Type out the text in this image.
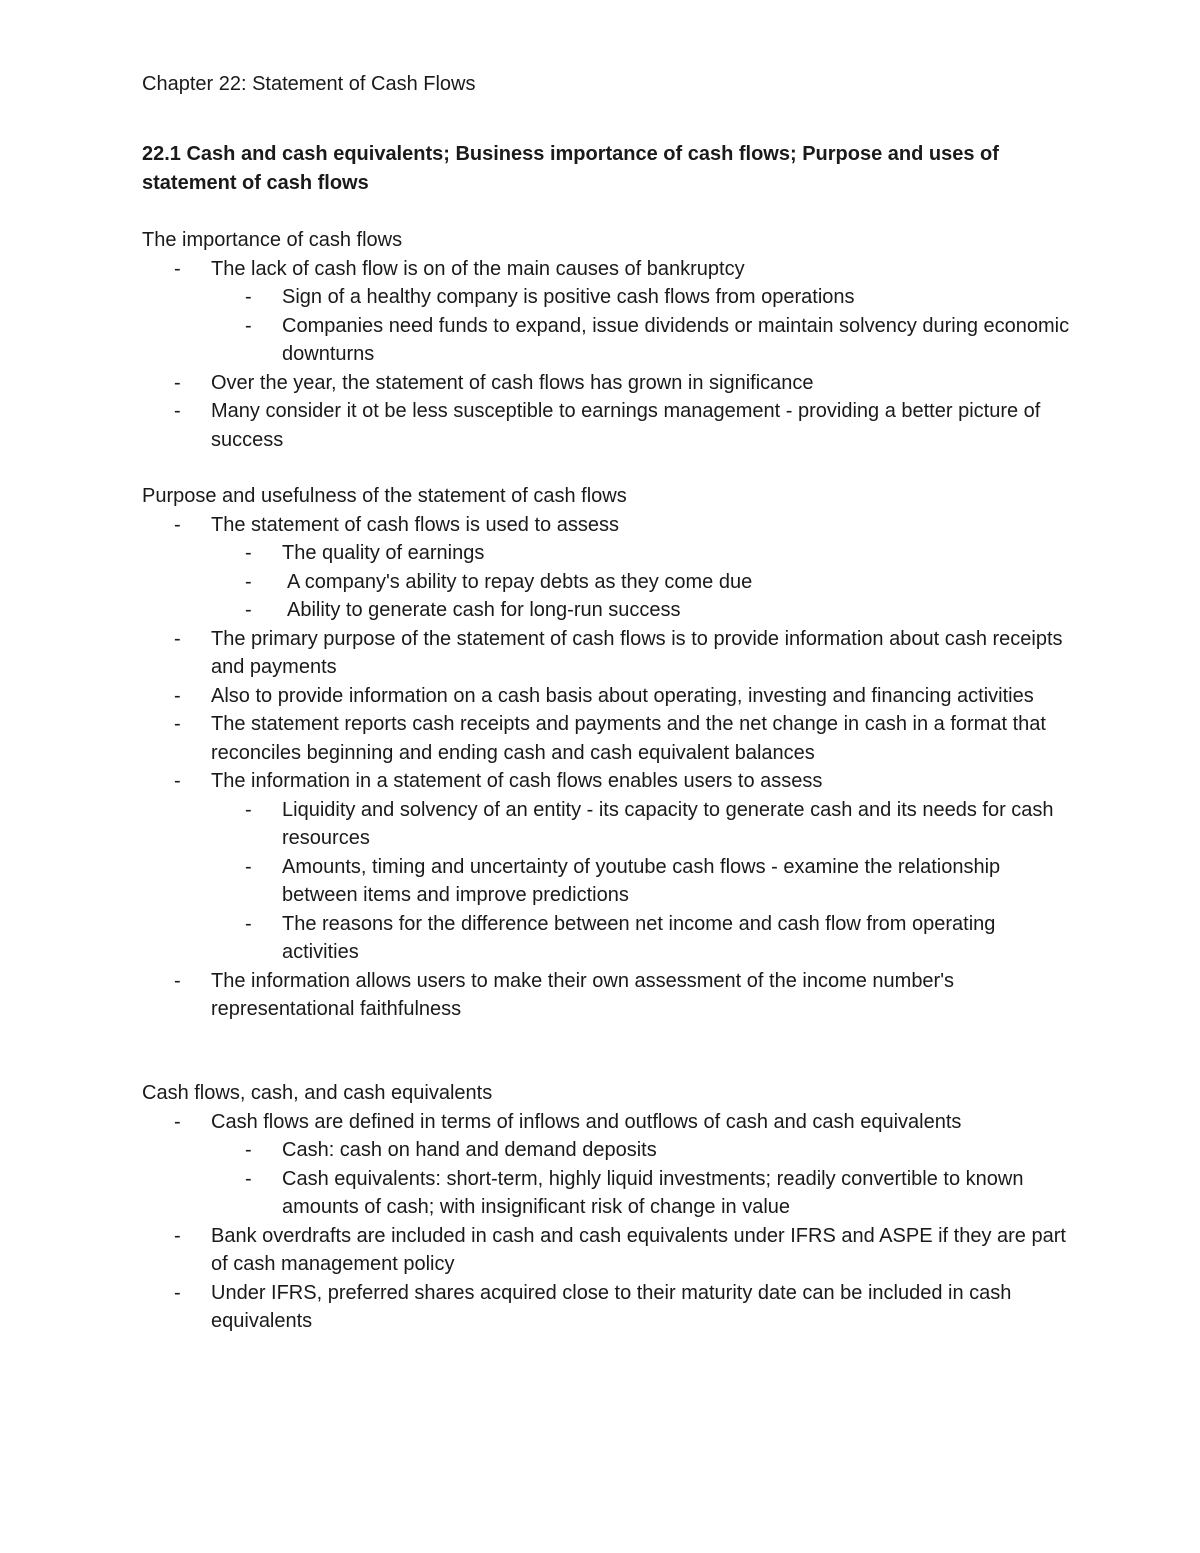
Chapter 22: Statement of Cash Flows
22.1 Cash and cash equivalents; Business importance of cash flows; Purpose and uses of statement of cash flows
The importance of cash flows
- The lack of cash flow is on of the main causes of bankruptcy
- Sign of a healthy company is positive cash flows from operations
- Companies need funds to expand, issue dividends or maintain solvency during economic downturns
- Over the year, the statement of cash flows has grown in significance
- Many consider it ot be less susceptible to earnings management - providing a better picture of success
Purpose and usefulness of the statement of cash flows
- The statement of cash flows is used to assess
- The quality of earnings
- A company's ability to repay debts as they come due
- Ability to generate cash for long-run success
- The primary purpose of the statement of cash flows is to provide information about cash receipts and payments
- Also to provide information on a cash basis about operating, investing and financing activities
- The statement reports cash receipts and payments and the net change in cash in a format that reconciles beginning and ending cash and cash equivalent balances
- The information in a statement of cash flows enables users to assess
- Liquidity and solvency of an entity - its capacity to generate cash and its needs for cash resources
- Amounts, timing and uncertainty of youtube cash flows - examine the relationship between items and improve predictions
- The reasons for the difference between net income and cash flow from operating activities
- The information allows users to make their own assessment of the income number's representational faithfulness
Cash flows, cash, and cash equivalents
- Cash flows are defined in terms of inflows and outflows of cash and cash equivalents
- Cash: cash on hand and demand deposits
- Cash equivalents: short-term, highly liquid investments; readily convertible to known amounts of cash; with insignificant risk of change in value
- Bank overdrafts are included in cash and cash equivalents under IFRS and ASPE if they are part of cash management policy
- Under IFRS, preferred shares acquired close to their maturity date can be included in cash equivalents
